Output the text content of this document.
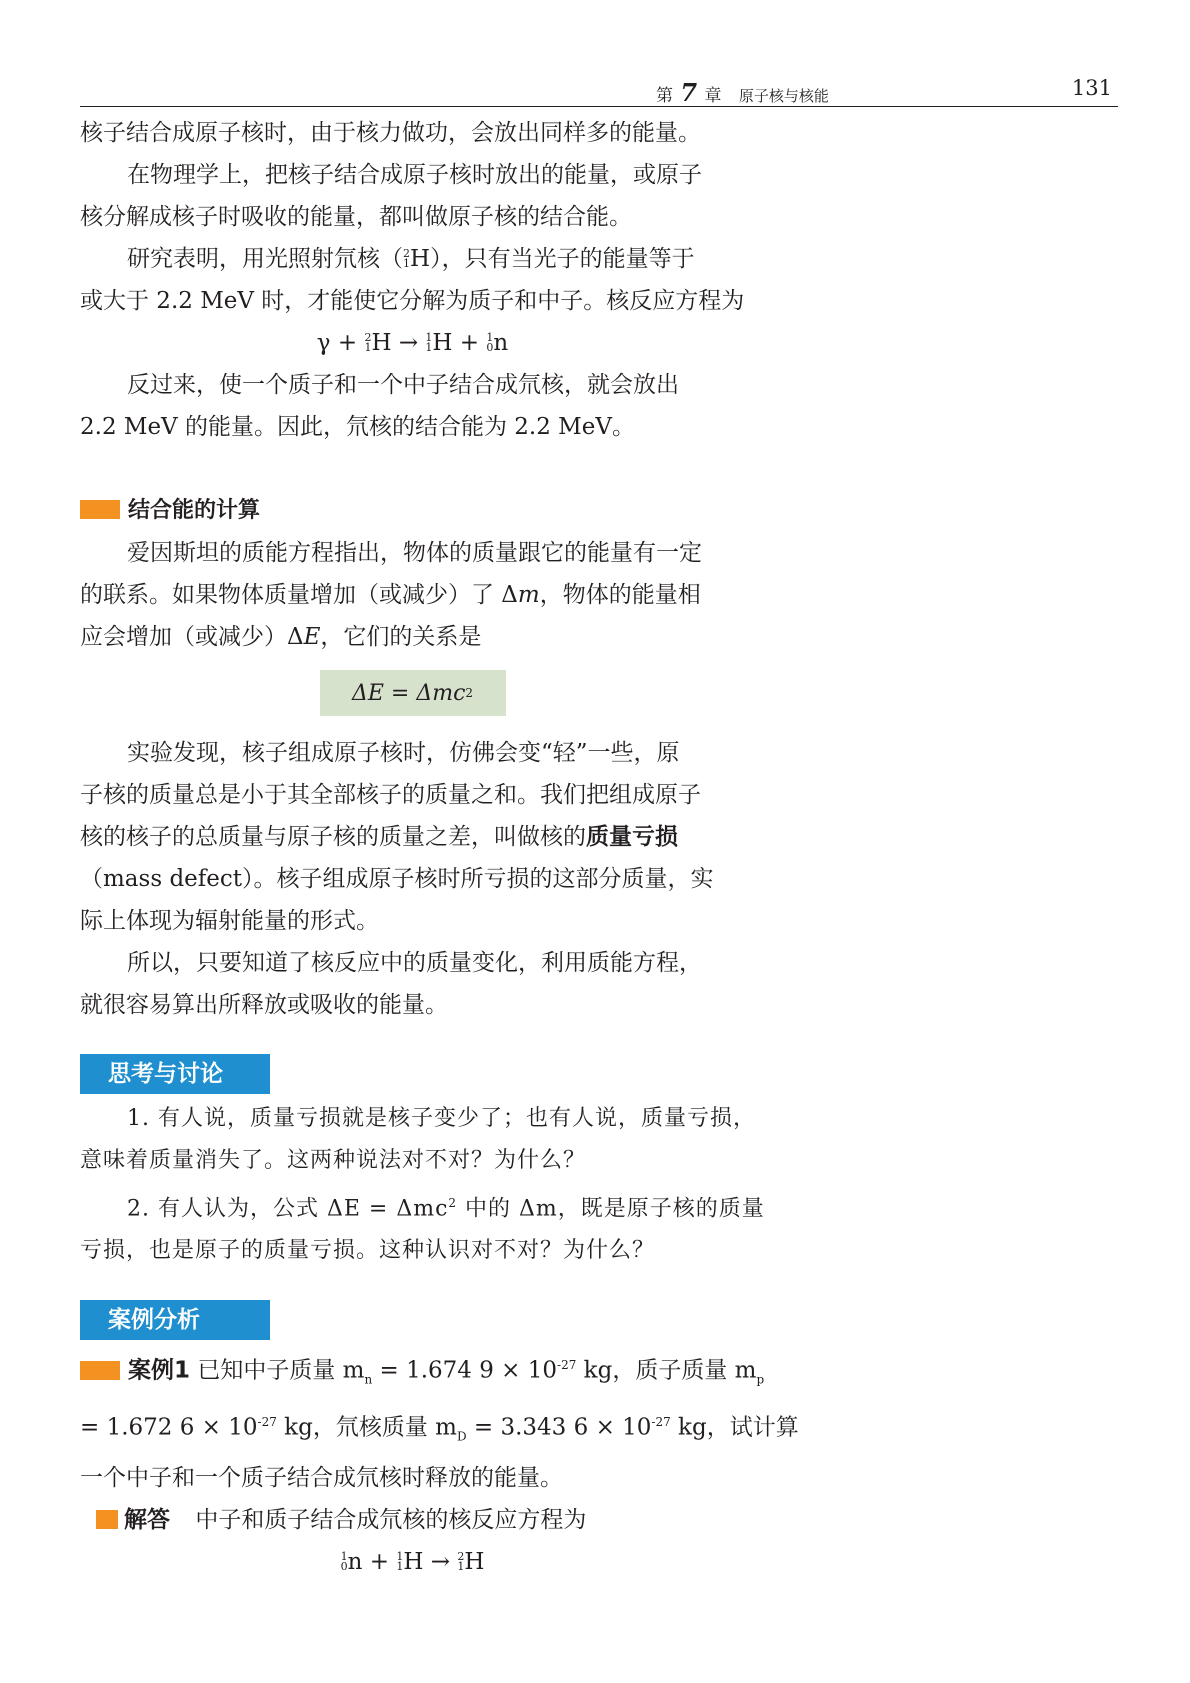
第 7 章 原子核与核能	131

核子结合成原子核时，由于核力做功，会放出同样多的能量。

在物理学上，把核子结合成原子核时放出的能量，或原子

核分解成核子时吸收的能量，都叫做原子核的结合能。

研究表明，用光照射氘核（ 2
1 H），只有当光子的能量等于

或大于 2.2 MeV 时，才能使它分解为质子和中子。核反应方程为

γ + 2
1 H → 1
1 H + 1
0 n

反过来，使一个质子和一个中子结合成氘核，就会放出

2.2 MeV 的能量。因此，氘核的结合能为 2.2 MeV。

结合能的计算

爱因斯坦的质能方程指出，物体的质量跟它的能量有一定

的联系。如果物体质量增加（或减少）了 Δm，物体的能量相

应会增加（或减少）ΔE，它们的关系是

ΔE = Δmc 2

实验发现，核子组成原子核时，仿佛会变“轻”一些，原

子核的质量总是小于其全部核子的质量之和。我们把组成原子

核的核子的总质量与原子核的质量之差，叫做核的质量亏损

（mass defect）。核子组成原子核时所亏损的这部分质量，实

际上体现为辐射能量的形式。

所以，只要知道了核反应中的质量变化，利用质能方程，

就很容易算出所释放或吸收的能量。

思考与讨论

1. 有人说，质量亏损就是核子变少了；也有人说，质量亏损，

意味着质量消失了。这两种说法对不对？为什么？

2. 有人认为，公式 ΔE = Δmc$^2$ 中的 Δm，既是原子核的质量

亏损，也是原子的质量亏损。这种认识对不对？为什么？

案例分析

案例1 已知中子质量 $m_n = 1.674$ $9 \times 10^{-27}$ kg，质子质量 $m_p$

= 1.672 $6 \times 10^{-27}$ kg，氘核质量 $m_D = 3.343$ $6 \times 10^{-27}$ kg，试计算

一个中子和一个质子结合成氘核时释放的能量。

解答 中子和质子结合成氘核的核反应方程为

1
0 n + 1
1 H → 2
1 H
